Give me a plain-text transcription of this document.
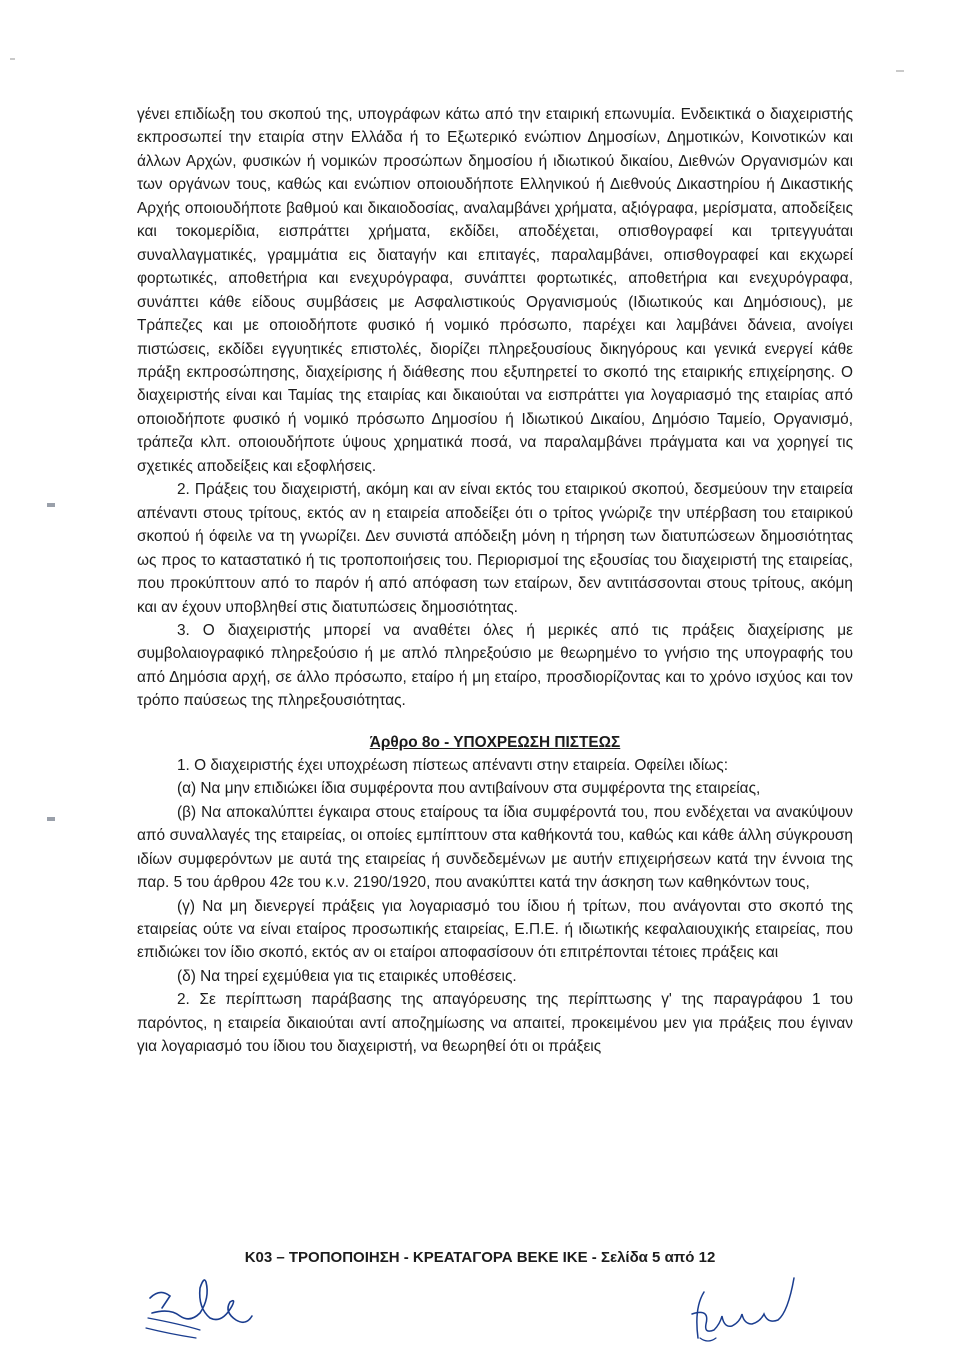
γένει επιδίωξη του σκοπού της, υπογράφων κάτω από την εταιρική επωνυμία. Ενδεικτικά ο διαχειριστής εκπροσωπεί την εταιρία στην Ελλάδα ή το Εξωτερικό ενώπιον Δημοσίων, Δημοτικών, Κοινοτικών και άλλων Αρχών, φυσικών ή νομικών προσώπων δημοσίου ή ιδιωτικού δικαίου, Διεθνών Οργανισμών και των οργάνων τους, καθώς και ενώπιον οποιουδήποτε Ελληνικού ή Διεθνούς Δικαστηρίου ή Δικαστικής Αρχής οποιουδήποτε βαθμού και δικαιοδοσίας, αναλαμβάνει χρήματα, αξιόγραφα, μερίσματα, αποδείξεις και τοκομερίδια, εισπράττει χρήματα, εκδίδει, αποδέχεται, οπισθογραφεί και τριτεγγυάται συναλλαγματικές, γραμμάτια εις διαταγήν και επιταγές, παραλαμβάνει, οπισθογραφεί και εκχωρεί φορτωτικές, αποθετήρια και ενεχυρόγραφα, συνάπτει φορτωτικές, αποθετήρια και ενεχυρόγραφα, συνάπτει κάθε είδους συμβάσεις με Ασφαλιστικούς Οργανισμούς (Ιδιωτικούς και Δημόσιους), με Τράπεζες και με οποιοδήποτε φυσικό ή νομικό πρόσωπο, παρέχει και λαμβάνει δάνεια, ανοίγει πιστώσεις, εκδίδει εγγυητικές επιστολές, διορίζει πληρεξουσίους δικηγόρους και γενικά ενεργεί κάθε πράξη εκπροσώπησης, διαχείρισης ή διάθεσης που εξυπηρετεί το σκοπό της εταιρικής επιχείρησης. Ο διαχειριστής είναι και Ταμίας της εταιρίας και δικαιούται να εισπράττει για λογαριασμό της εταιρίας από οποιοδήποτε φυσικό ή νομικό πρόσωπο Δημοσίου ή Ιδιωτικού Δικαίου, Δημόσιο Ταμείο, Οργανισμό, τράπεζα κλπ. οποιουδήποτε ύψους χρηματικά ποσά, να παραλαμβάνει πράγματα και να χορηγεί τις σχετικές αποδείξεις και εξοφλήσεις.

2. Πράξεις του διαχειριστή, ακόμη και αν είναι εκτός του εταιρικού σκοπού, δεσμεύουν την εταιρεία απέναντι στους τρίτους, εκτός αν η εταιρεία αποδείξει ότι ο τρίτος γνώριζε την υπέρβαση του εταιρικού σκοπού ή όφειλε να τη γνωρίζει. Δεν συνιστά απόδειξη μόνη η τήρηση των διατυπώσεων δημοσιότητας ως προς το καταστατικό ή τις τροποποιήσεις του. Περιορισμοί της εξουσίας του διαχειριστή της εταιρείας, που προκύπτουν από το παρόν ή από απόφαση των εταίρων, δεν αντιτάσσονται στους τρίτους, ακόμη και αν έχουν υποβληθεί στις διατυπώσεις δημοσιότητας.

3. Ο διαχειριστής μπορεί να αναθέτει όλες ή μερικές από τις πράξεις διαχείρισης με συμβολαιογραφικό πληρεξούσιο ή με απλό πληρεξούσιο με θεωρημένο το γνήσιο της υπογραφής του από Δημόσια αρχή, σε άλλο πρόσωπο, εταίρο ή μη εταίρο, προσδιορίζοντας και το χρόνο ισχύος και τον τρόπο παύσεως της πληρεξουσιότητας.

Άρθρο 8ο - ΥΠΟΧΡΕΩΣΗ ΠΙΣΤΕΩΣ

1. Ο διαχειριστής έχει υποχρέωση πίστεως απέναντι στην εταιρεία. Οφείλει ιδίως:

(α) Να μην επιδιώκει ίδια συμφέροντα που αντιβαίνουν στα συμφέροντα της εταιρείας,

(β) Να αποκαλύπτει έγκαιρα στους εταίρους τα ίδια συμφέροντά του, που ενδέχεται να ανακύψουν από συναλλαγές της εταιρείας, οι οποίες εμπίπτουν στα καθήκοντά του, καθώς και κάθε άλλη σύγκρουση ιδίων συμφερόντων με αυτά της εταιρείας ή συνδεδεμένων με αυτήν επιχειρήσεων κατά την έννοια της παρ. 5 του άρθρου 42ε του κ.ν. 2190/1920, που ανακύπτει κατά την άσκηση των καθηκόντων τους,

(γ) Να μη διενεργεί πράξεις για λογαριασμό του ίδιου ή τρίτων, που ανάγονται στο σκοπό της εταιρείας ούτε να είναι εταίρος προσωπικής εταιρείας, Ε.Π.Ε. ή ιδιωτικής κεφαλαιουχικής εταιρείας, που επιδιώκει τον ίδιο σκοπό, εκτός αν οι εταίροι αποφασίσουν ότι επιτρέπονται τέτοιες πράξεις και

(δ) Να τηρεί εχεμύθεια για τις εταιρικές υποθέσεις.

2. Σε περίπτωση παράβασης της απαγόρευσης της περίπτωσης γ' της παραγράφου 1 του παρόντος, η εταιρεία δικαιούται αντί αποζημίωσης να απαιτεί, προκειμένου μεν για πράξεις που έγιναν για λογαριασμό του ίδιου του διαχειριστή, να θεωρηθεί ότι οι πράξεις

K03 – ΤΡΟΠΟΠΟΙΗΣΗ - ΚΡΕΑΤΑΓΟΡΑ ΒΕΚΕ ΙΚΕ - Σελίδα 5 από 12
